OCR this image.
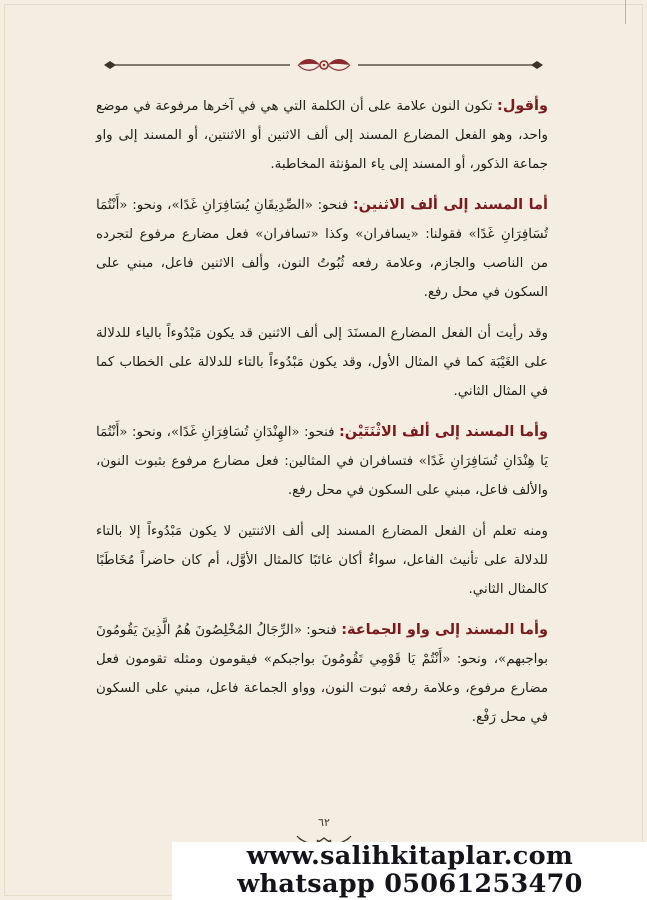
وأقول: تكون النون علامة على أن الكلمة التي هي في آخرها مرفوعة في موضع واحد، وهو الفعل المضارع المسند إلى ألف الاثنين أو الاثنتين، أو المسند إلى واو جماعة الذكور، أو المسند إلى ياء المؤنثة المخاطبة.

أما المسند إلى ألف الاثنين: فنحو: «الصِّدِيقَانِ يُسَافِرَانِ غَدًا»، ونحو: «أَنْتُمَا تُسَافِرَانِ غَدًا» فقولنا: «يسافران» وكذا «تسافران» فعل مضارع مرفوع لتجرده من الناصب والجازم، وعلامة رفعه ثُبُوتُ النون، وألف الاثنين فاعل، مبني على السكون في محل رفع.

وقد رأيت أن الفعل المضارع المسنَدَ إلى ألف الاثنين قد يكون مَبْدُوءاً بالياء للدلالة على الغَيْبَة كما في المثال الأول، وقد يكون مَبْدُوءاً بالتاء للدلالة على الخطاب كما في المثال الثاني.

وأما المسند إلى ألف الاثْنَتَيْن: فنحو: «الهِنْدَانِ تُسَافِرَانِ غَدًا»، ونحو: «أَنْتُمَا يَا هِنْدَانِ تُسَافِرَانِ غَدًا» فتسافران في المثالين: فعل مضارع مرفوع بثبوت النون، والألف فاعل، مبني على السكون في محل رفع.

ومنه تعلم أن الفعل المضارع المسند إلى ألف الاثنتين لا يكون مَبْدُوءاً إلا بالتاء للدلالة على تأنيث الفاعل، سواءٌ أكان غائبًا كالمثال الأوَّل، أم كان حاضراً مُخَاطَبًا كالمثال الثاني.

وأما المسند إلى واو الجماعة: فنحو: «الرِّجَالُ المُخْلِصُونَ هُمُ الَّذِينَ يَقُومُونَ بواجبهم»، ونحو: «أَنْتُمْ يَا قَوْمِي تَقُومُونَ بواجبكم» فيقومون ومثله تقومون فعل مضارع مرفوع، وعلامة رفعه ثبوت النون، وواو الجماعة فاعل، مبني على السكون في محل رَفْع.

٦٢
www.salihkitaplar.com
whatsapp 05061253470
